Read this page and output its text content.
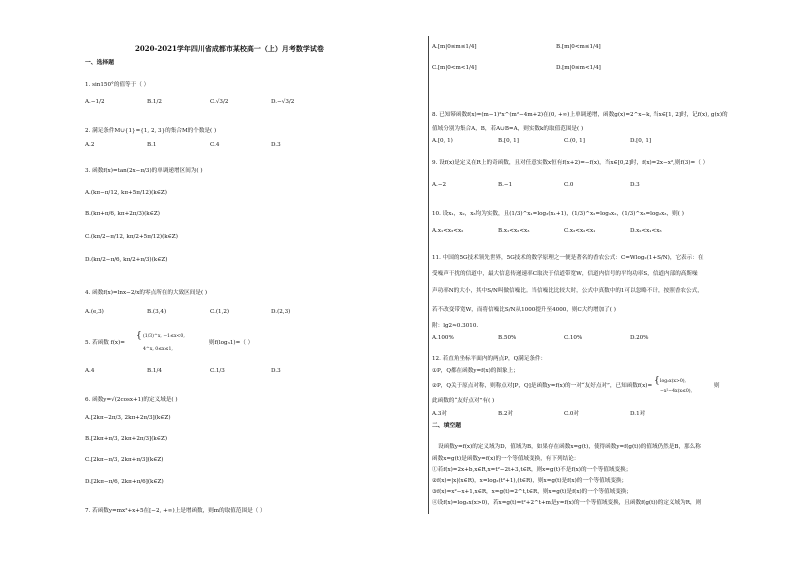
2020-2021学年四川省成都市某校高一（上）月考数学试卷
一、选择题
1. sin150°的值等于（ ）
A.−1/2	B.1/2	C.√3/2	D.−√3/2
2. 满足条件M∪{1}={1, 2, 3}的集合M的个数是( )
A.2	B.1	C.4	D.3
3. 函数f(x)=tan(2x−π/3)的单调递增区间为( )
A.(kπ−π/12, kπ+5π/12)(k∈Z)
B.(kπ+π/6, kπ+2π/3)(k∈Z)
C.(kπ/2−π/12, kπ/2+5π/12)(k∈Z)
D.(kπ/2−π/6, kπ/2+π/3)(k∈Z)
4. 函数f(x)=lnx−2/x的零点所在的大致区间是( )
A.(e,3)	B.(3,4)	C.(1,2)	D.(2,3)
5. 若函数 f(x)=
{ (1/3)^x, −1≤x<0,
4^x, 0≤x≤1,
则f(log₃1)=（ ）
A.4	B.1/4	C.1/3	D.3
6. 函数y=√(2cosx+1)的定义域是( )
A.[2kπ−2π/3, 2kπ+2π/3](k∈Z)
B.[2kπ+π/3, 2kπ+2π/3](k∈Z)
C.[2kπ−π/3, 2kπ+π/3](k∈Z)
D.[2kπ−π/6, 2kπ+π/6](k∈Z)
7. 若函数y=mx²+x+5在[−2, +∞)上是增函数，则m的取值范围是（ ）
A.[m|0≤m≤1/4]	B.[m|0<m≤1/4]
C.[m|0<m<1/4]	D.[m|0≤m<1/4]
8. 已知幂函数f(x)=(m−1)²x^(m²−4m+2)在(0, +∞)上单调递增，函数g(x)=2^x−k, 当x∈[1, 2]时，记f(x), g(x)的
值域分别为集合A，B，若A∪B=A，则实数k的取值范围是( )
A.[0, 1)	B.[0, 1]	C.(0, 1]	D.[0, 1]
9. 设f(x)是定义在R上的奇函数，且对任意实数x恒有f(x+2)=−f(x)，当x∈[0,2]时，f(x)=2x−x²,则f(3)=（ ）
A.−2	B.−1	C.0	D.3
10. 设x₁，x₂，x₃均为实数，且(1/3)^x₁=log₃(x₁+1)，(1/3)^x₂=log₃x₂，(1/3)^x₃=log₂x₃，则( )
A.x₁<x₃<x₂	B.x₁<x₂<x₃	C.x₃<x₂<x₁	D.x₂<x₁<x₃
11. 中国的5G技术领先世界，5G技术的数学原理之一便是著名的香农公式：C=Wlog₂(1+S/N)，它表示：在
受噪声干扰的信道中，最大信息传递速率C取决于信道带宽W，信道内信号的平均功率S，信道内部的高斯噪
声功率N的大小，其中S/N叫做信噪比。当信噪比比较大时，公式中真数中的1可以忽略不计，按照香农公式，
若不改变带宽W，而将信噪比S/N从1000提升至4000，则C大约增加了( )
附：lg2≈0.3010.
A.100%	B.50%	C.10%	D.20%
12. 若直角坐标平面内的两点P，Q满足条件：
①P，Q都在函数y=f(x)的图象上；
②P，Q关于原点对称，则称点对[P，Q]是函数y=f(x)的一对“友好点对”，已知函数f(x)= { log₂x(x>0),
−x²−4x(x≤0),
则
此函数的“友好点对”有( )
A.3对	B.2对	C.0对	D.1对
二、填空题
设函数y=f(x)的定义域为D，值域为B，如果存在函数x=g(t)，使得函数y=f(g(t))的值域仍然是B，那么称
函数x=g(t)是函数y=f(x)的一个等值域变换，有下列结论：
①若f(x)=2x+b,x∈R,x=t²−2t+3,t∈R，则x=g(t)不是f(x)的一个等值域变换；
②f(x)=|x|(x∈R)，x=log₂(t²+1),(t∈R)，则x=g(t)是f(x)的一个等值域变换；
③f(x)=x²−x+1,x∈R，x=g(t)=2^t,t∈R，则x=g(t)是f(x)的一个等值域变换；
④设f(x)=log₂x(x>0)，若x=g(t)=t²+2^t+m是y=f(x)的一个等值域变换，且函数f(g(t))的定义域为R，则
